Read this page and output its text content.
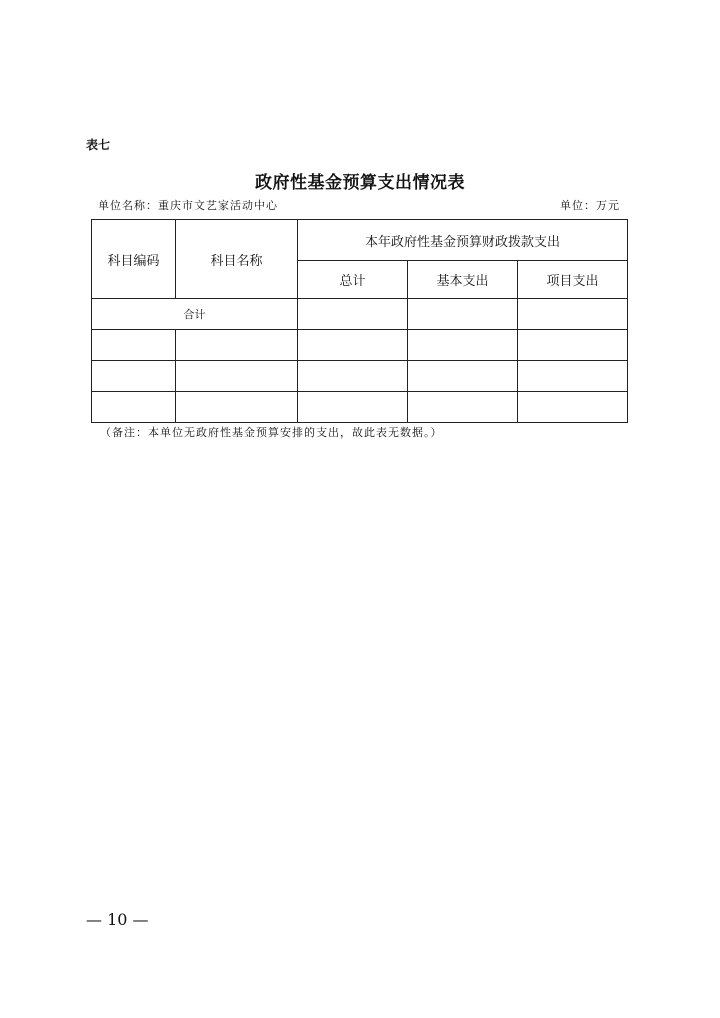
表七
政府性基金预算支出情况表
单位名称：重庆市文艺家活动中心	单位：万元
科目编码	科目名称	本年政府性基金预算财政拨款支出		
		总计	基本支出	项目支出
合计				

（备注：本单位无政府性基金预算安排的支出，故此表无数据。）
— 10 —
